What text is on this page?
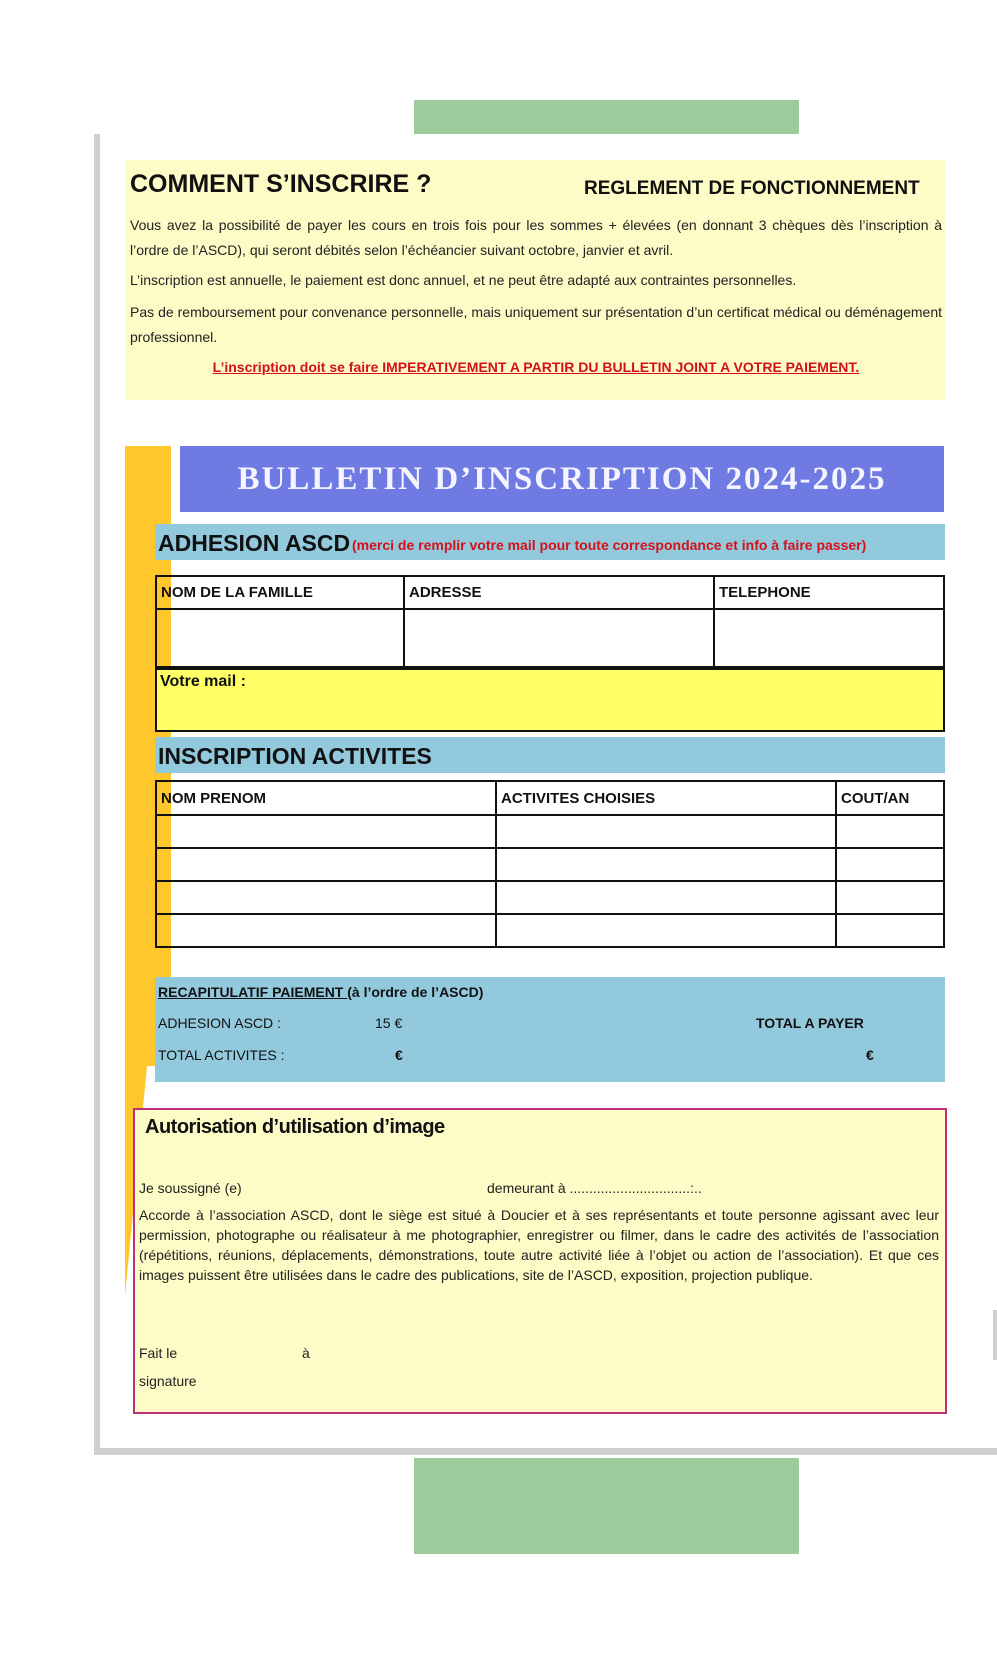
COMMENT S’INSCRIRE ?	REGLEMENT DE FONCTIONNEMENT
Vous avez la possibilité de payer les cours en trois fois pour les sommes + élevées (en donnant 3 chèques dès l’inscription à l’ordre de l’ASCD), qui seront débités selon l’échéancier suivant octobre, janvier et avril.
L’inscription est annuelle, le paiement est donc annuel, et ne peut être adapté aux contraintes personnelles.
Pas de remboursement pour convenance personnelle, mais uniquement sur présentation d’un certificat médical ou déménagement professionnel.
L’inscription doit se faire IMPERATIVEMENT A PARTIR DU BULLETIN JOINT A VOTRE PAIEMENT.
BULLETIN D’INSCRIPTION 2024-2025
ADHESION ASCD (merci de remplir votre mail pour toute correspondance et info à faire passer)
NOM DE LA FAMILLE	ADRESSE	TELEPHONE

Votre mail :
INSCRIPTION ACTIVITES
NOM PRENOM	ACTIVITES CHOISIES	COUT/AN

RECAPITULATIF PAIEMENT (à l’ordre de l’ASCD)
ADHESION ASCD :	15 €
TOTAL ACTIVITES :	€
TOTAL A PAYER
€
Autorisation d’utilisation d’image
Je soussigné (e)	demeurant à ...............................:..
Accorde à l’association ASCD, dont le siège est situé à Doucier et à ses représentants et toute personne agissant avec leur permission, photographe ou réalisateur à me photographier, enregistrer ou filmer, dans le cadre des activités de l’association (répétitions, réunions, déplacements, démonstrations, toute autre activité liée à l’objet ou action de l’association). Et que ces images puissent être utilisées dans le cadre des publications, site de l’ASCD, exposition, projection publique.
Fait le	à
signature
